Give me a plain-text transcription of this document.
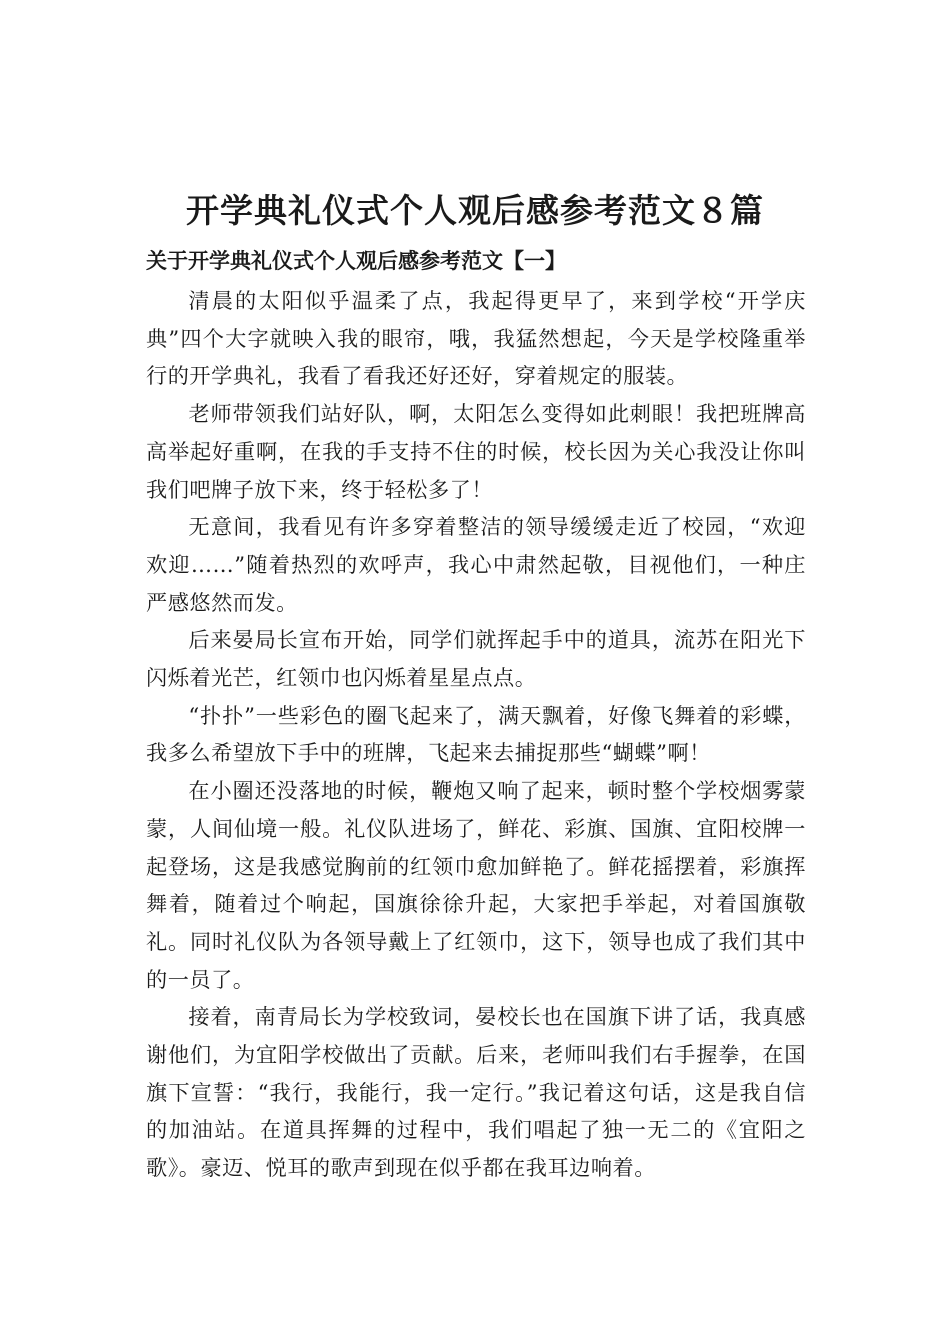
开学典礼仪式个人观后感参考范文８篇
关于开学典礼仪式个人观后感参考范文【一】

清晨的太阳似乎温柔了点，我起得更早了，来到学校“开学庆典”四个大字就映入我的眼帘，哦，我猛然想起，今天是学校隆重举行的开学典礼，我看了看我还好还好，穿着规定的服装。

老师带领我们站好队，啊，太阳怎么变得如此刺眼！我把班牌高高举起好重啊，在我的手支持不住的时候，校长因为关心我没让你叫我们吧牌子放下来，终于轻松多了！

无意间，我看见有许多穿着整洁的领导缓缓走近了校园，“欢迎欢迎……”随着热烈的欢呼声，我心中肃然起敬，目视他们，一种庄严感悠然而发。

后来晏局长宣布开始，同学们就挥起手中的道具，流苏在阳光下闪烁着光芒，红领巾也闪烁着星星点点。

“扑扑”一些彩色的圈飞起来了，满天飘着，好像飞舞着的彩蝶，我多么希望放下手中的班牌，飞起来去捕捉那些“蝴蝶”啊！

在小圈还没落地的时候，鞭炮又响了起来，顿时整个学校烟雾蒙蒙，人间仙境一般。礼仪队进场了，鲜花、彩旗、国旗、宜阳校牌一起登场，这是我感觉胸前的红领巾愈加鲜艳了。鲜花摇摆着，彩旗挥舞着，随着过个响起，国旗徐徐升起，大家把手举起，对着国旗敬礼。同时礼仪队为各领导戴上了红领巾，这下，领导也成了我们其中的一员了。

接着，南青局长为学校致词，晏校长也在国旗下讲了话，我真感谢他们，为宜阳学校做出了贡献。后来，老师叫我们右手握拳，在国旗下宣誓：“我行，我能行，我一定行。”我记着这句话，这是我自信的加油站。在道具挥舞的过程中，我们唱起了独一无二的《宜阳之歌》。豪迈、悦耳的歌声到现在似乎都在我耳边响着。
